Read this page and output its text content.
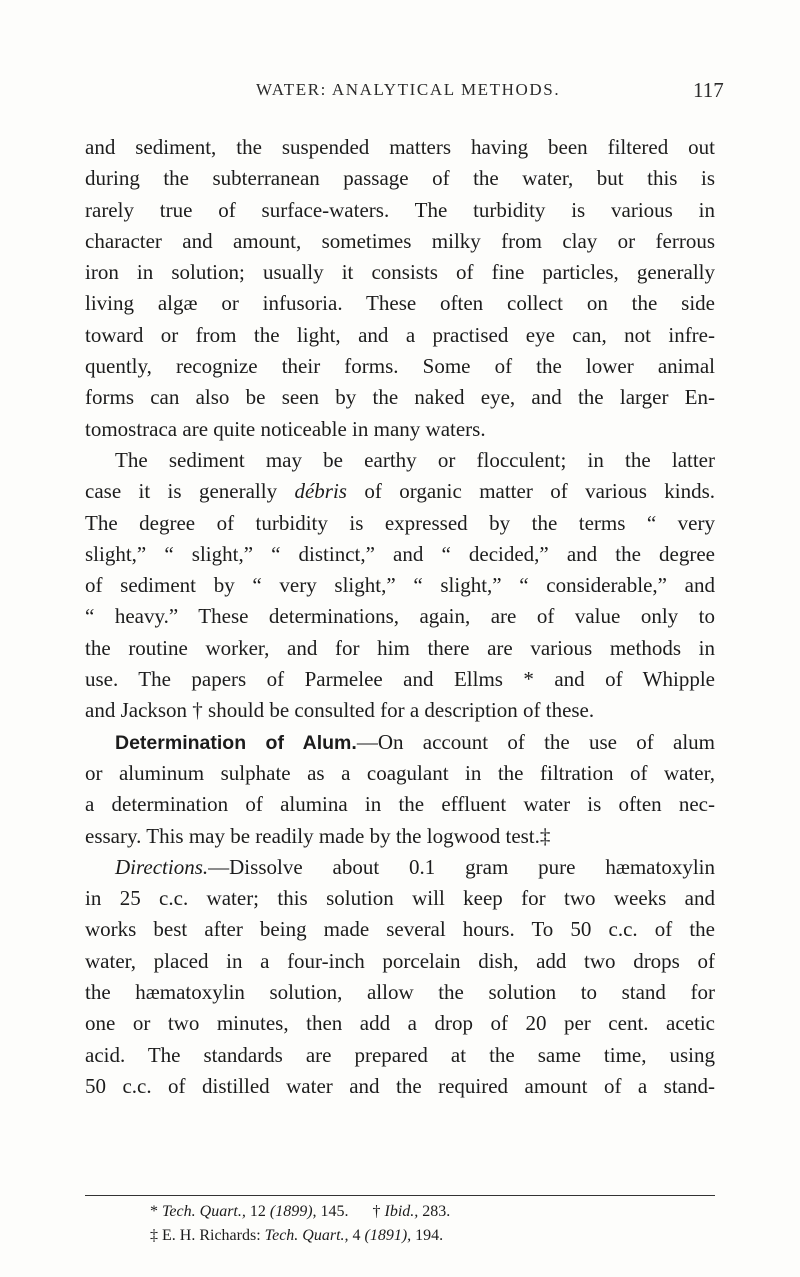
WATER: ANALYTICAL METHODS.	117
and sediment, the suspended matters having been filtered out
during the subterranean passage of the water, but this is
rarely true of surface-waters. The turbidity is various in
character and amount, sometimes milky from clay or ferrous
iron in solution; usually it consists of fine particles, generally
living algæ or infusoria. These often collect on the side
toward or from the light, and a practised eye can, not infre-
quently, recognize their forms. Some of the lower animal
forms can also be seen by the naked eye, and the larger En-
tomostraca are quite noticeable in many waters.
The sediment may be earthy or flocculent; in the latter
case it is generally débris of organic matter of various kinds.
The degree of turbidity is expressed by the terms “ very
slight,” “ slight,” “ distinct,” and “ decided,” and the degree
of sediment by “ very slight,” “ slight,” “ considerable,” and
“ heavy.” These determinations, again, are of value only to
the routine worker, and for him there are various methods in
use. The papers of Parmelee and Ellms * and of Whipple
and Jackson † should be consulted for a description of these.
Determination of Alum.—On account of the use of alum
or aluminum sulphate as a coagulant in the filtration of water,
a determination of alumina in the effluent water is often nec-
essary. This may be readily made by the logwood test.‡
Directions.—Dissolve about 0.1 gram pure hæmatoxylin
in 25 c.c. water; this solution will keep for two weeks and
works best after being made several hours. To 50 c.c. of the
water, placed in a four-inch porcelain dish, add two drops of
the hæmatoxylin solution, allow the solution to stand for
one or two minutes, then add a drop of 20 per cent. acetic
acid. The standards are prepared at the same time, using
50 c.c. of distilled water and the required amount of a stand-
* Tech. Quart., 12 (1899), 145. † Ibid., 283.
‡ E. H. Richards: Tech. Quart., 4 (1891), 194.
